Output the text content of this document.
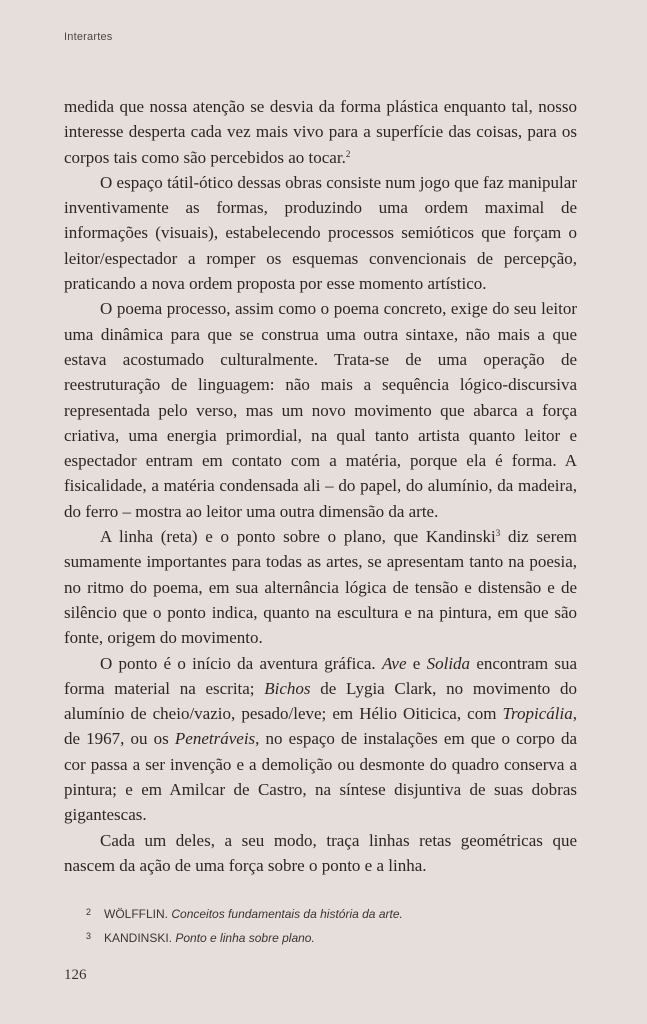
Interartes

medida que nossa atenção se desvia da forma plástica enquanto tal, nosso interesse desperta cada vez mais vivo para a superfície das coisas, para os corpos tais como são percebidos ao tocar.$^2$

O espaço tátil-ótico dessas obras consiste num jogo que faz manipular inventivamente as formas, produzindo uma ordem maximal de informações (visuais), estabelecendo processos semióticos que forçam o leitor/espectador a romper os esquemas convencionais de percepção, praticando a nova ordem proposta por esse momento artístico.

O poema processo, assim como o poema concreto, exige do seu leitor uma dinâmica para que se construa uma outra sintaxe, não mais a que estava acostumado culturalmente. Trata-se de uma operação de reestruturação de linguagem: não mais a sequência lógico-discursiva representada pelo verso, mas um novo movimento que abarca a força criativa, uma energia primordial, na qual tanto artista quanto leitor e espectador entram em contato com a matéria, porque ela é forma. A fisicalidade, a matéria condensada ali – do papel, do alumínio, da madeira, do ferro – mostra ao leitor uma outra dimensão da arte.

A linha (reta) e o ponto sobre o plano, que Kandinski$^3$ diz serem sumamente importantes para todas as artes, se apresentam tanto na poesia, no ritmo do poema, em sua alternância lógica de tensão e distensão e de silêncio que o ponto indica, quanto na escultura e na pintura, em que são fonte, origem do movimento.

O ponto é o início da aventura gráfica. Ave e Solida encontram sua forma material na escrita; Bichos de Lygia Clark, no movimento do alumínio de cheio/vazio, pesado/leve; em Hélio Oiticica, com Tropicália, de 1967, ou os Penetráveis, no espaço de instalações em que o corpo da cor passa a ser invenção e a demolição ou desmonte do quadro conserva a pintura; e em Amilcar de Castro, na síntese disjuntiva de suas dobras gigantescas.

Cada um deles, a seu modo, traça linhas retas geométricas que nascem da ação de uma força sobre o ponto e a linha.

2 WÖLFFLIN. Conceitos fundamentais da história da arte.
3 KANDINSKI. Ponto e linha sobre plano.
126
